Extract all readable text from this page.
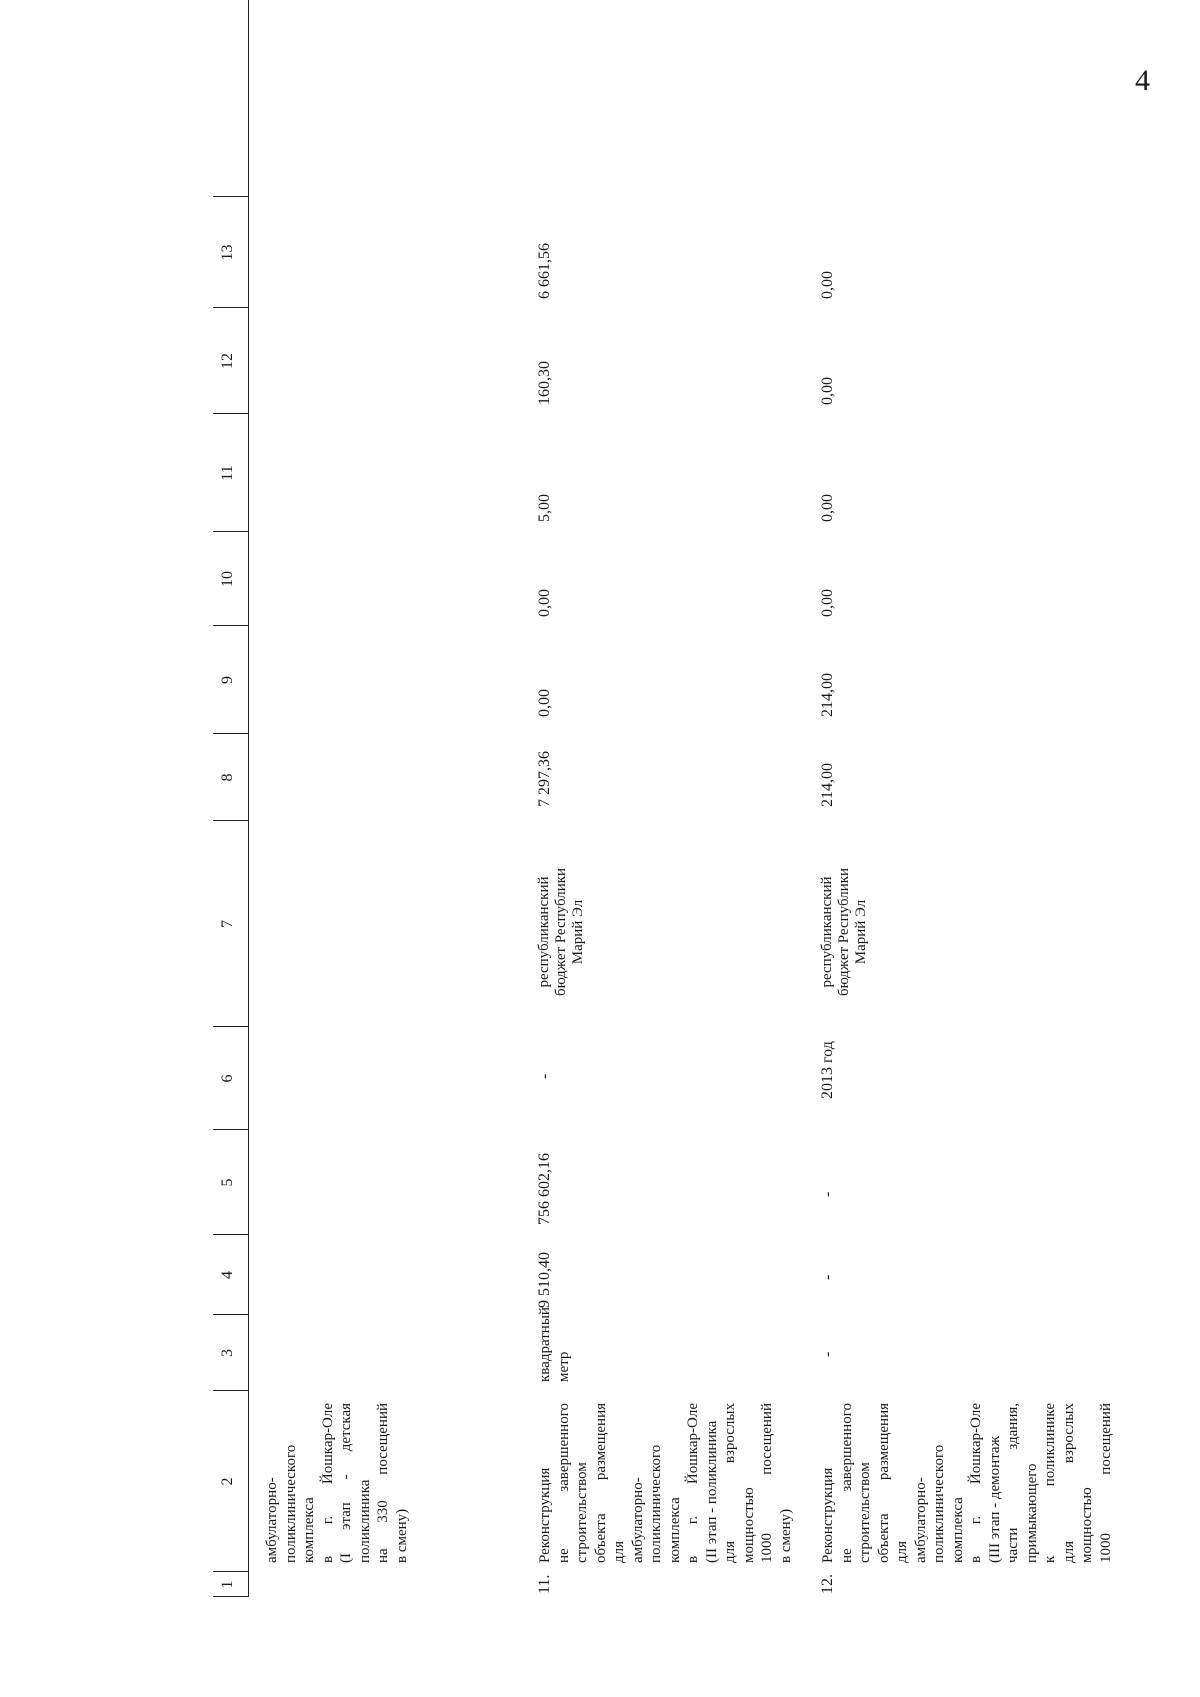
4
1
2
3
4
5
6
7
8
9
10
11
12
13
амбулаторно- поликлинического комплекса в г. Йошкар-Оле (I этап - детская поликлиника на 330 посещений в смену)
11.
Реконструкция не завершенного строительством объекта размещения для амбулаторно- поликлинического комплекса в г. Йошкар-Оле (II этап - поликлиника для взрослых мощностью 1000 посещений в смену)
квадратный метр
9 510,40
756 602,16
-
республиканский
бюджет Республики
Марий Эл
7 297,36
0,00
0,00
5,00
160,30
6 661,56
12.
Реконструкция не завершенного строительством объекта размещения для амбулаторно- поликлинического комплекса в г. Йошкар-Оле (III этап - демонтаж части здания, примыкающего к поликлинике для взрослых мощностью 1000 посещений
-
-
-
2013 год
республиканский
бюджет Республики
Марий Эл
214,00
214,00
0,00
0,00
0,00
0,00
